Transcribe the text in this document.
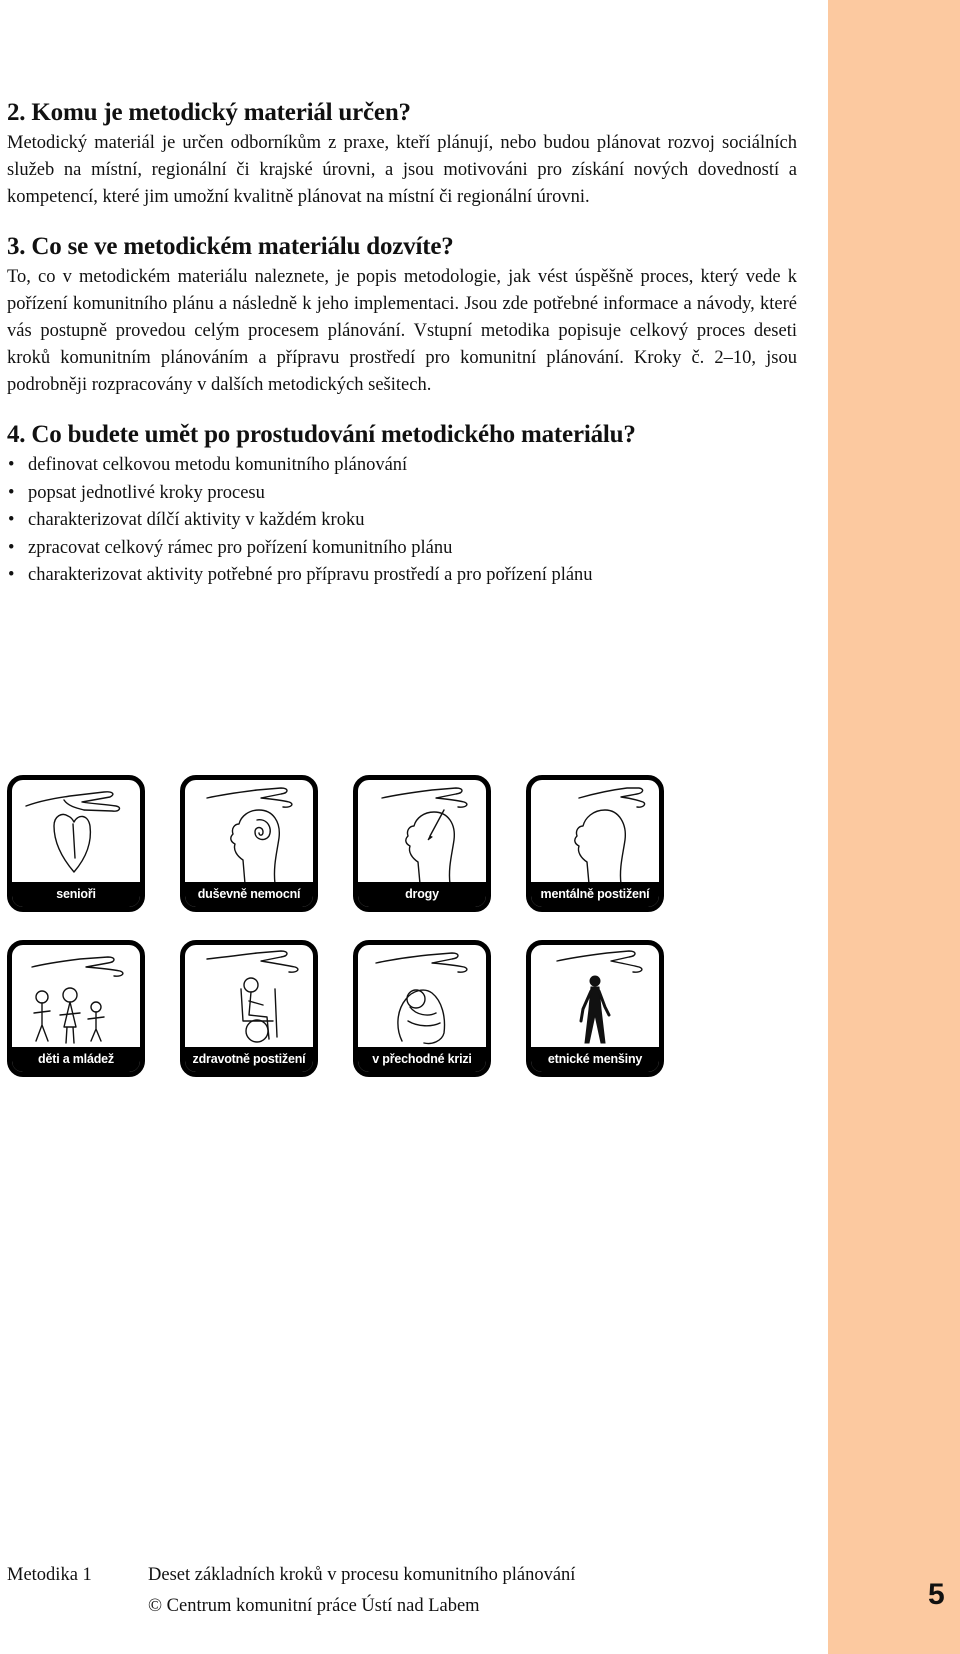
2. Komu je metodický materiál určen?

Metodický materiál je určen odborníkům z praxe, kteří plánují, nebo budou plánovat rozvoj sociálních služeb na místní, regionální či krajské úrovni, a jsou motivováni pro získání nových dovedností a kompetencí, které jim umožní kvalitně plánovat na místní či regionální úrovni.

3. Co se ve metodickém materiálu dozvíte?

To, co v metodickém materiálu naleznete, je popis metodologie, jak vést úspěšně proces, který vede k pořízení komunitního plánu a následně k jeho implementaci. Jsou zde potřebné informace a návody, které vás postupně provedou celým procesem plánování. Vstupní metodika popisuje celkový proces deseti kroků komunitním plánováním a přípravu prostředí pro komunitní plánování. Kroky č. 2–10, jsou podrobněji rozpracovány v dalších metodických sešitech.

4. Co budete umět po prostudování metodického materiálu?
• definovat celkovou metodu komunitního plánování
• popsat jednotlivé kroky procesu
• charakterizovat dílčí aktivity v každém kroku
• zpracovat celkový rámec pro pořízení komunitního plánu
• charakterizovat aktivity potřebné pro přípravu prostředí a pro pořízení plánu
senioři	duševně nemocní	drogy	mentálně postižení
děti a mládež	zdravotně postižení	v přechodné krizi	etnické menšiny
Metodika 1	Deset základních kroků v procesu komunitního plánování
© Centrum komunitní práce Ústí nad Labem	5
